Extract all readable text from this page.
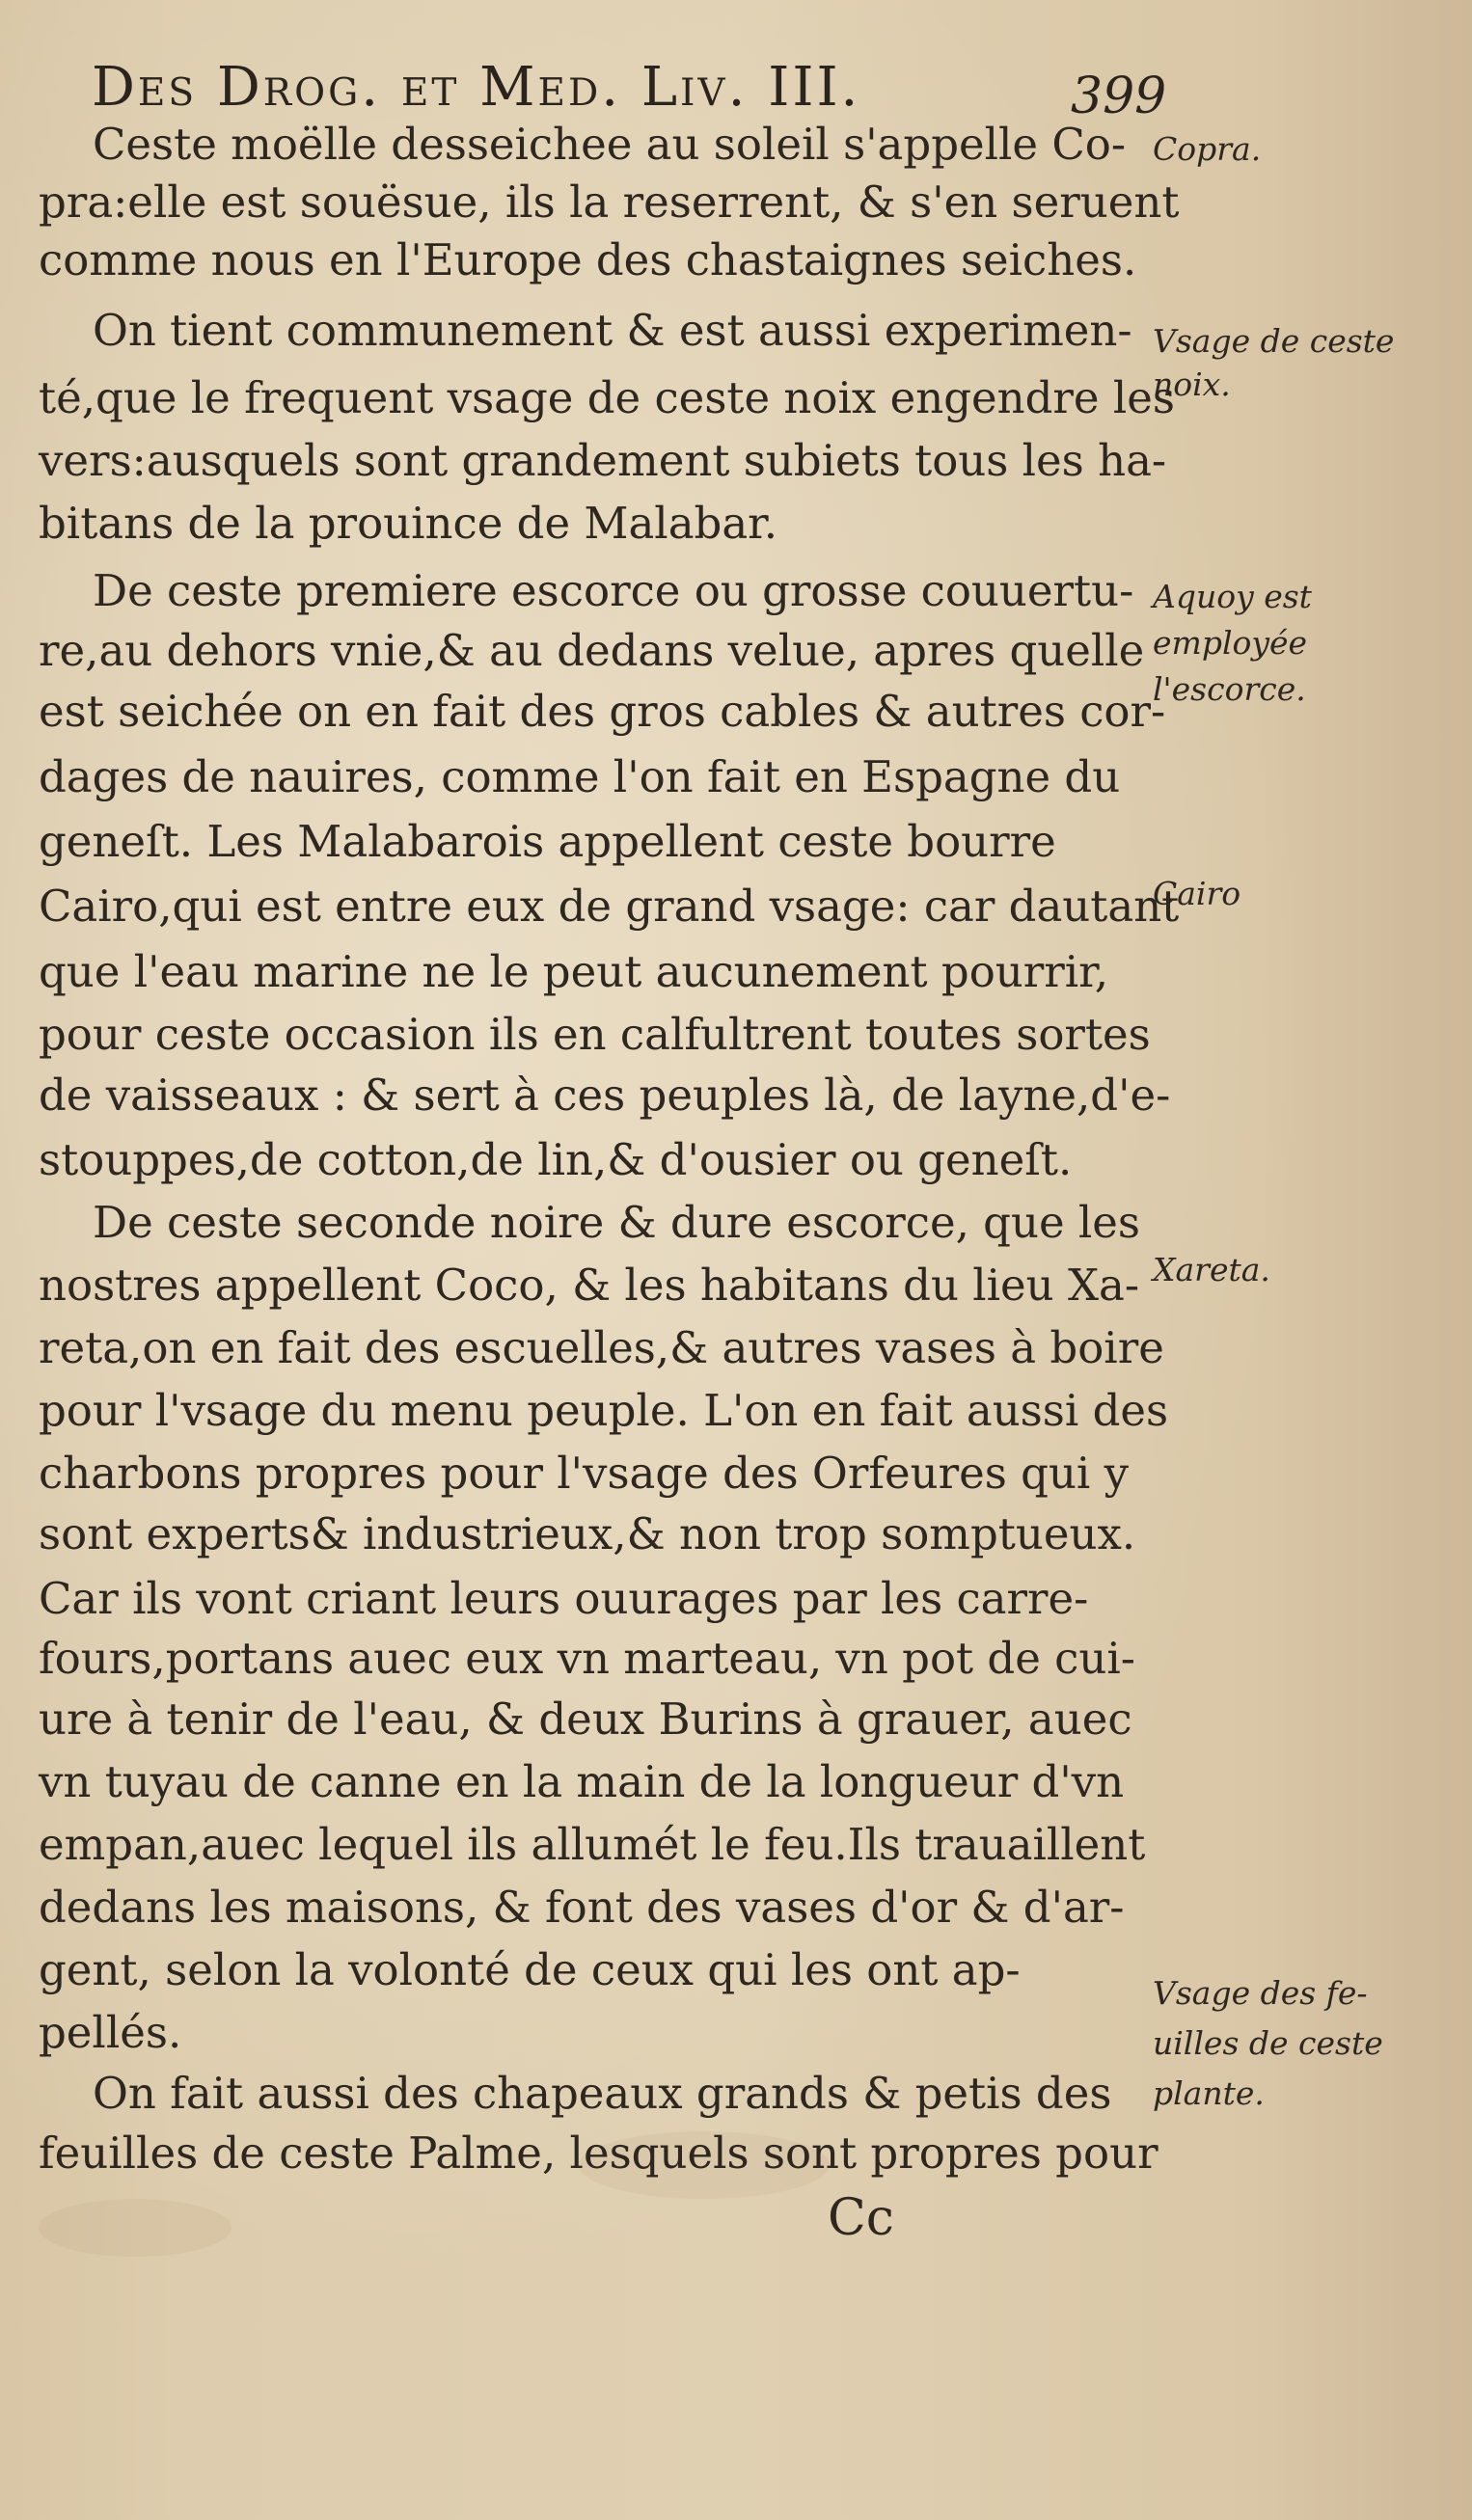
Des Drog. et Med. Liv. III.	399
Ceste moëlle desseichee au soleil s'appelle Co-
pra:elle est souësue, ils la reserrent, & s'en seruent
comme nous en l'Europe des chastaignes seiches.
On tient communement & est aussi experimen-
té,que le frequent vsage de ceste noix engendre les
vers:ausquels sont grandement subiets tous les ha-
bitans de la prouince de Malabar.
De ceste premiere escorce ou grosse couuertu-
re,au dehors vnie,& au dedans velue, apres quelle
est seichée on en fait des gros cables & autres cor-
dages de nauires, comme l'on fait en Espagne du
geneſt. Les Malabarois appellent ceste bourre
Cairo,qui est entre eux de grand vsage: car dautant
que l'eau marine ne le peut aucunement pourrir,
pour ceste occasion ils en calfultrent toutes sortes
de vaisseaux : & sert à ces peuples là, de layne,d'e-
stouppes,de cotton,de lin,& d'ousier ou geneſt.
De ceste seconde noire & dure escorce, que les
nostres appellent Coco, & les habitans du lieu Xa-
reta,on en fait des escuelles,& autres vases à boire
pour l'vsage du menu peuple. L'on en fait aussi des
charbons propres pour l'vsage des Orfeures qui y
sont experts& industrieux,& non trop somptueux.
Car ils vont criant leurs ouurages par les carre-
fours,portans auec eux vn marteau, vn pot de cui-
ure à tenir de l'eau, & deux Burins à grauer, auec
vn tuyau de canne en la main de la longueur d'vn
empan,auec lequel ils allumét le feu.Ils trauaillent
dedans les maisons, & font des vases d'or & d'ar-
gent, selon la volonté de ceux qui les ont ap-
pellés.
On fait aussi des chapeaux grands & petis des
feuilles de ceste Palme, lesquels sont propres pour
Copra.
Vsage de ceste
noix.
Aquoy est
employée
l'escorce.
Cairo
Xareta.
Vsage des fe-
uilles de ceste
plante.
Cc
